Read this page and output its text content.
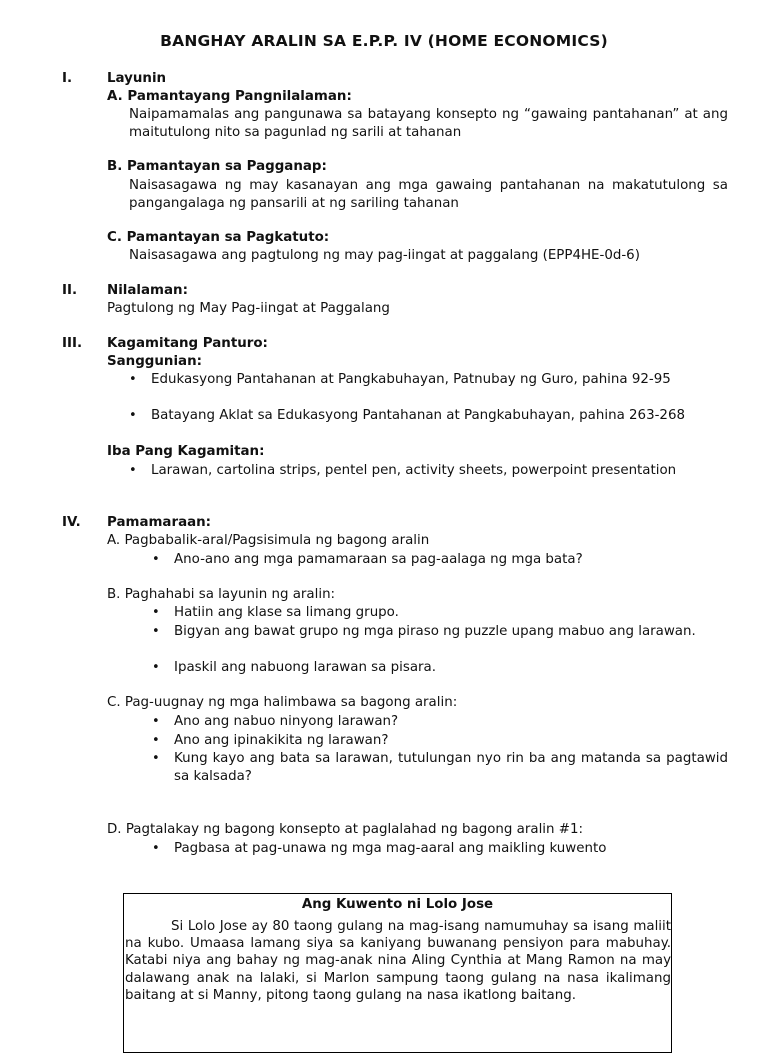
BANGHAY ARALIN SA E.P.P. IV (HOME ECONOMICS)
I.	Layunin
A. Pamantayang Pangnilalaman:
Naipamamalas ang pangunawa sa batayang konsepto ng “gawaing pantahanan” at ang maitutulong nito sa pagunlad ng sarili at tahanan
B. Pamantayan sa Pagganap:
Naisasagawa ng may kasanayan ang mga gawaing pantahanan na makatutulong sa pangangalaga ng pansarili at ng sariling tahanan
C. Pamantayan sa Pagkatuto:
Naisasagawa ang pagtulong ng may pag-iingat at paggalang (EPP4HE-0d-6)
II. Nilalaman:
Pagtulong ng May Pag-iingat at Paggalang
III. Kagamitang Panturo:
Sanggunian:
• Edukasyong Pantahanan at Pangkabuhayan, Patnubay ng Guro, pahina 92-95
• Batayang Aklat sa Edukasyong Pantahanan at Pangkabuhayan, pahina 263-268
Iba Pang Kagamitan:
• Larawan, cartolina strips, pentel pen, activity sheets, powerpoint presentation
IV. Pamamaraan:
A. Pagbabalik-aral/Pagsisimula ng bagong aralin
• Ano-ano ang mga pamamaraan sa pag-aalaga ng mga bata?
B. Paghahabi sa layunin ng aralin:
• Hatiin ang klase sa limang grupo.
• Bigyan ang bawat grupo ng mga piraso ng puzzle upang mabuo ang larawan.
• Ipaskil ang nabuong larawan sa pisara.
C. Pag-uugnay ng mga halimbawa sa bagong aralin:
• Ano ang nabuo ninyong larawan?
• Ano ang ipinakikita ng larawan?
• Kung kayo ang bata sa larawan, tutulungan nyo rin ba ang matanda sa pagtawid sa kalsada?
D. Pagtalakay ng bagong konsepto at paglalahad ng bagong aralin #1:
• Pagbasa at pag-unawa ng mga mag-aaral ang maikling kuwento
Ang Kuwento ni Lolo Jose
Si Lolo Jose ay 80 taong gulang na mag-isang namumuhay sa isang maliit na kubo. Umaasa lamang siya sa kaniyang buwanang pensiyon para mabuhay. Katabi niya ang bahay ng mag-anak nina Aling Cynthia at Mang Ramon na may dalawang anak na lalaki, si Marlon sampung taong gulang na nasa ikalimang baitang at si Manny, pitong taong gulang na nasa ikatlong baitang.
